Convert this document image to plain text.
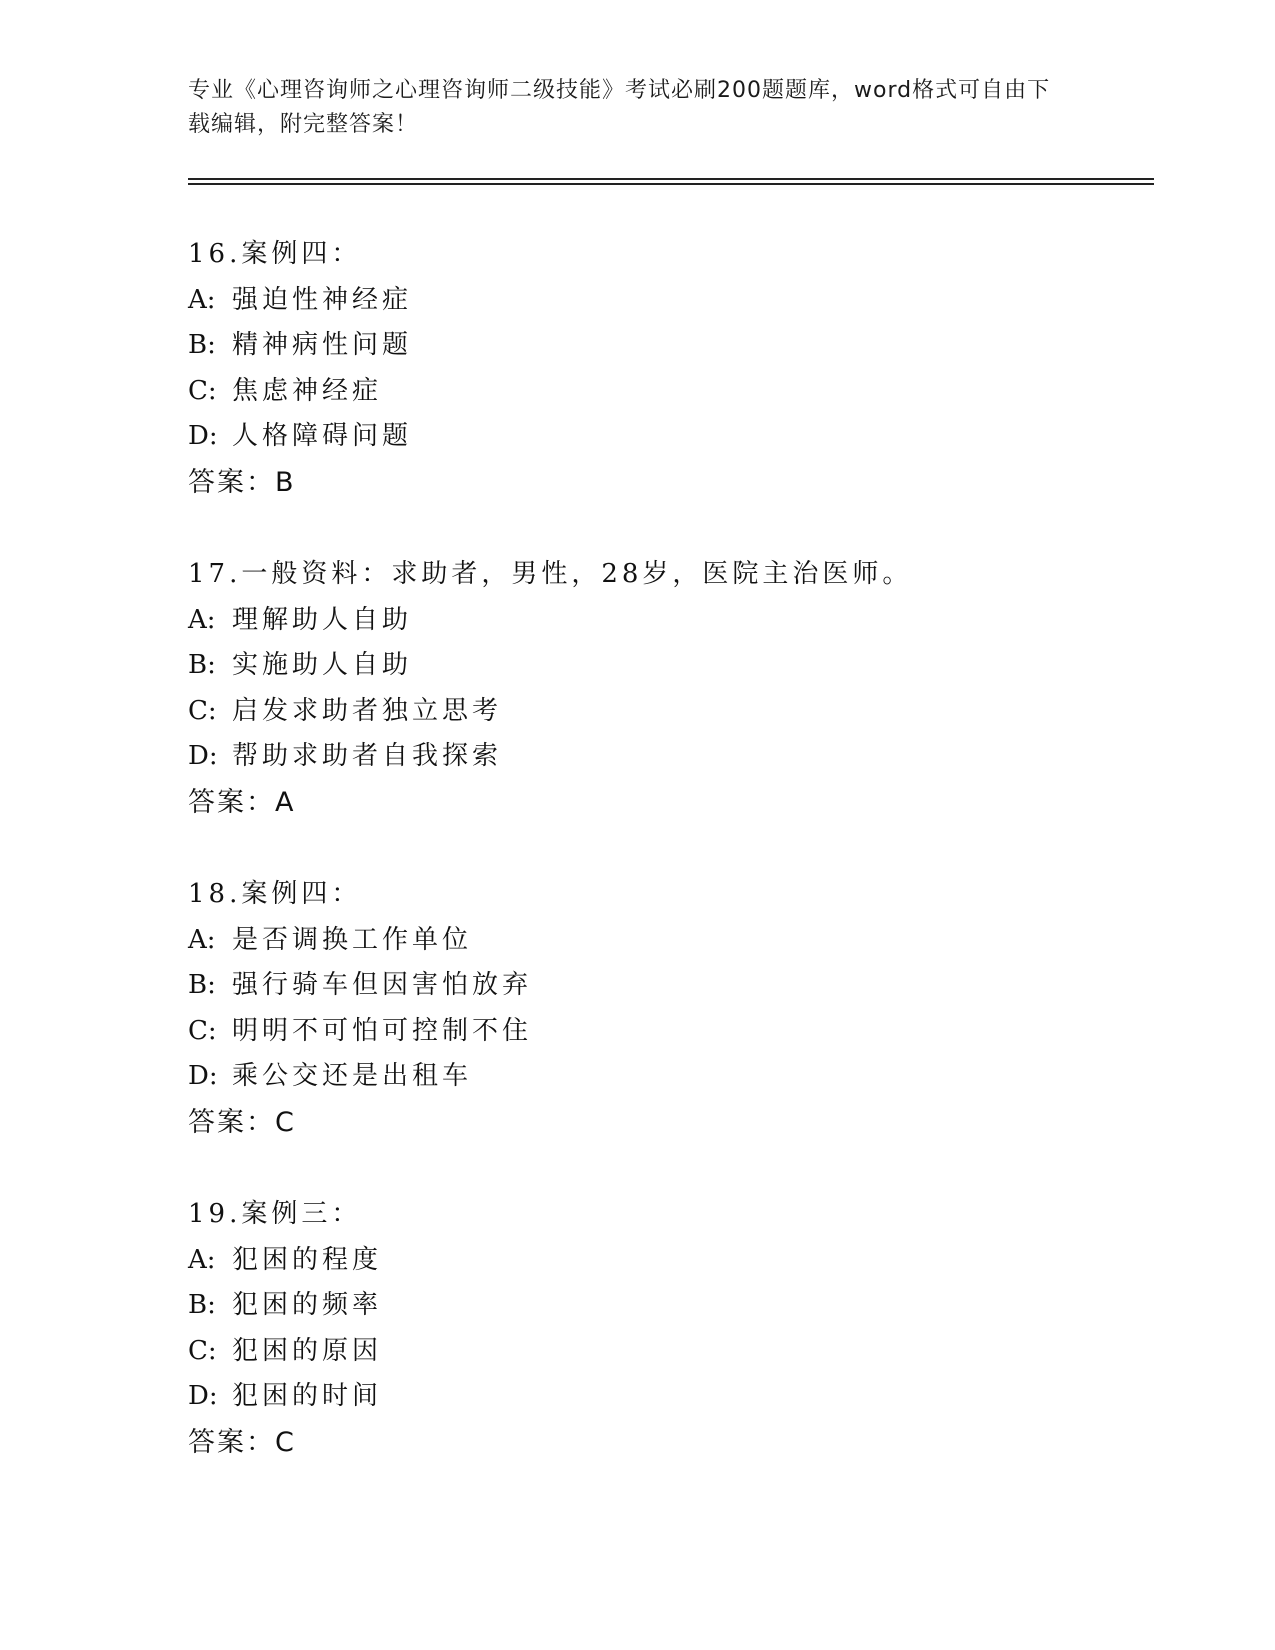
专业《心理咨询师之心理咨询师二级技能》考试必刷200题题库，word格式可自由下载编辑，附完整答案！
16.案例四：
A: 强迫性神经症
B: 精神病性问题
C: 焦虑神经症
D: 人格障碍问题
答案：B
17.一般资料：求助者，男性，28岁，医院主治医师。
A: 理解助人自助
B: 实施助人自助
C: 启发求助者独立思考
D: 帮助求助者自我探索
答案：A
18.案例四：
A: 是否调换工作单位
B: 强行骑车但因害怕放弃
C: 明明不可怕可控制不住
D: 乘公交还是出租车
答案：C
19.案例三：
A: 犯困的程度
B: 犯困的频率
C: 犯困的原因
D: 犯困的时间
答案：C
